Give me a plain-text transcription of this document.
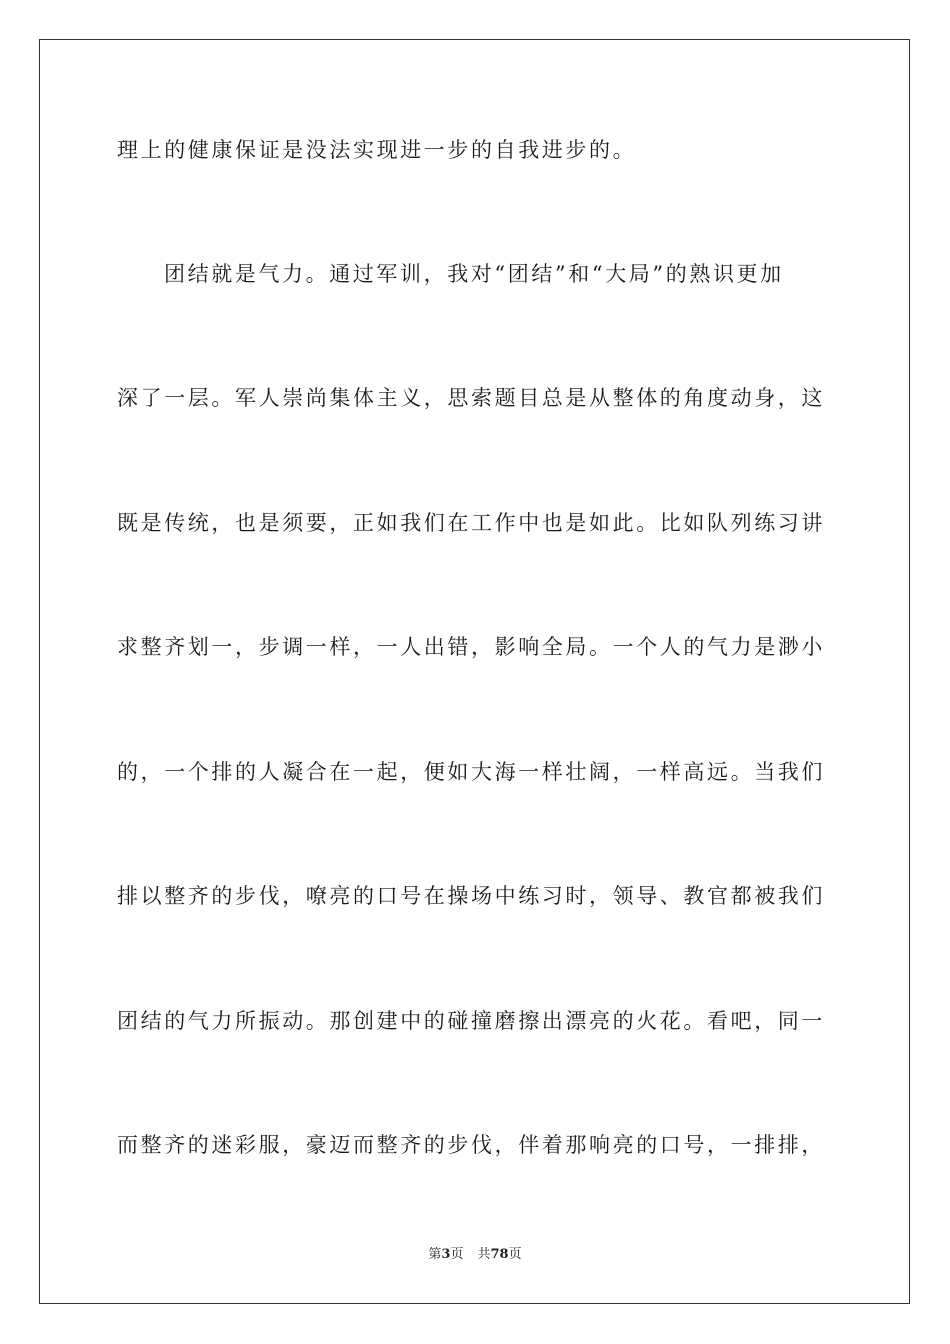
理上的健康保证是没法实现进一步的自我进步的。
团结就是气力。通过军训，我对“团结”和“大局”的熟识更加
深了一层。军人崇尚集体主义，思索题目总是从整体的角度动身，这
既是传统，也是须要，正如我们在工作中也是如此。比如队列练习讲
求整齐划一，步调一样，一人出错，影响全局。一个人的气力是渺小
的，一个排的人凝合在一起，便如大海一样壮阔，一样高远。当我们
排以整齐的步伐，嘹亮的口号在操场中练习时，领导、教官都被我们
团结的气力所振动。那创建中的碰撞磨擦出漂亮的火花。看吧，同一
而整齐的迷彩服，豪迈而整齐的步伐，伴着那响亮的口号，一排排，
第3页 共78页
